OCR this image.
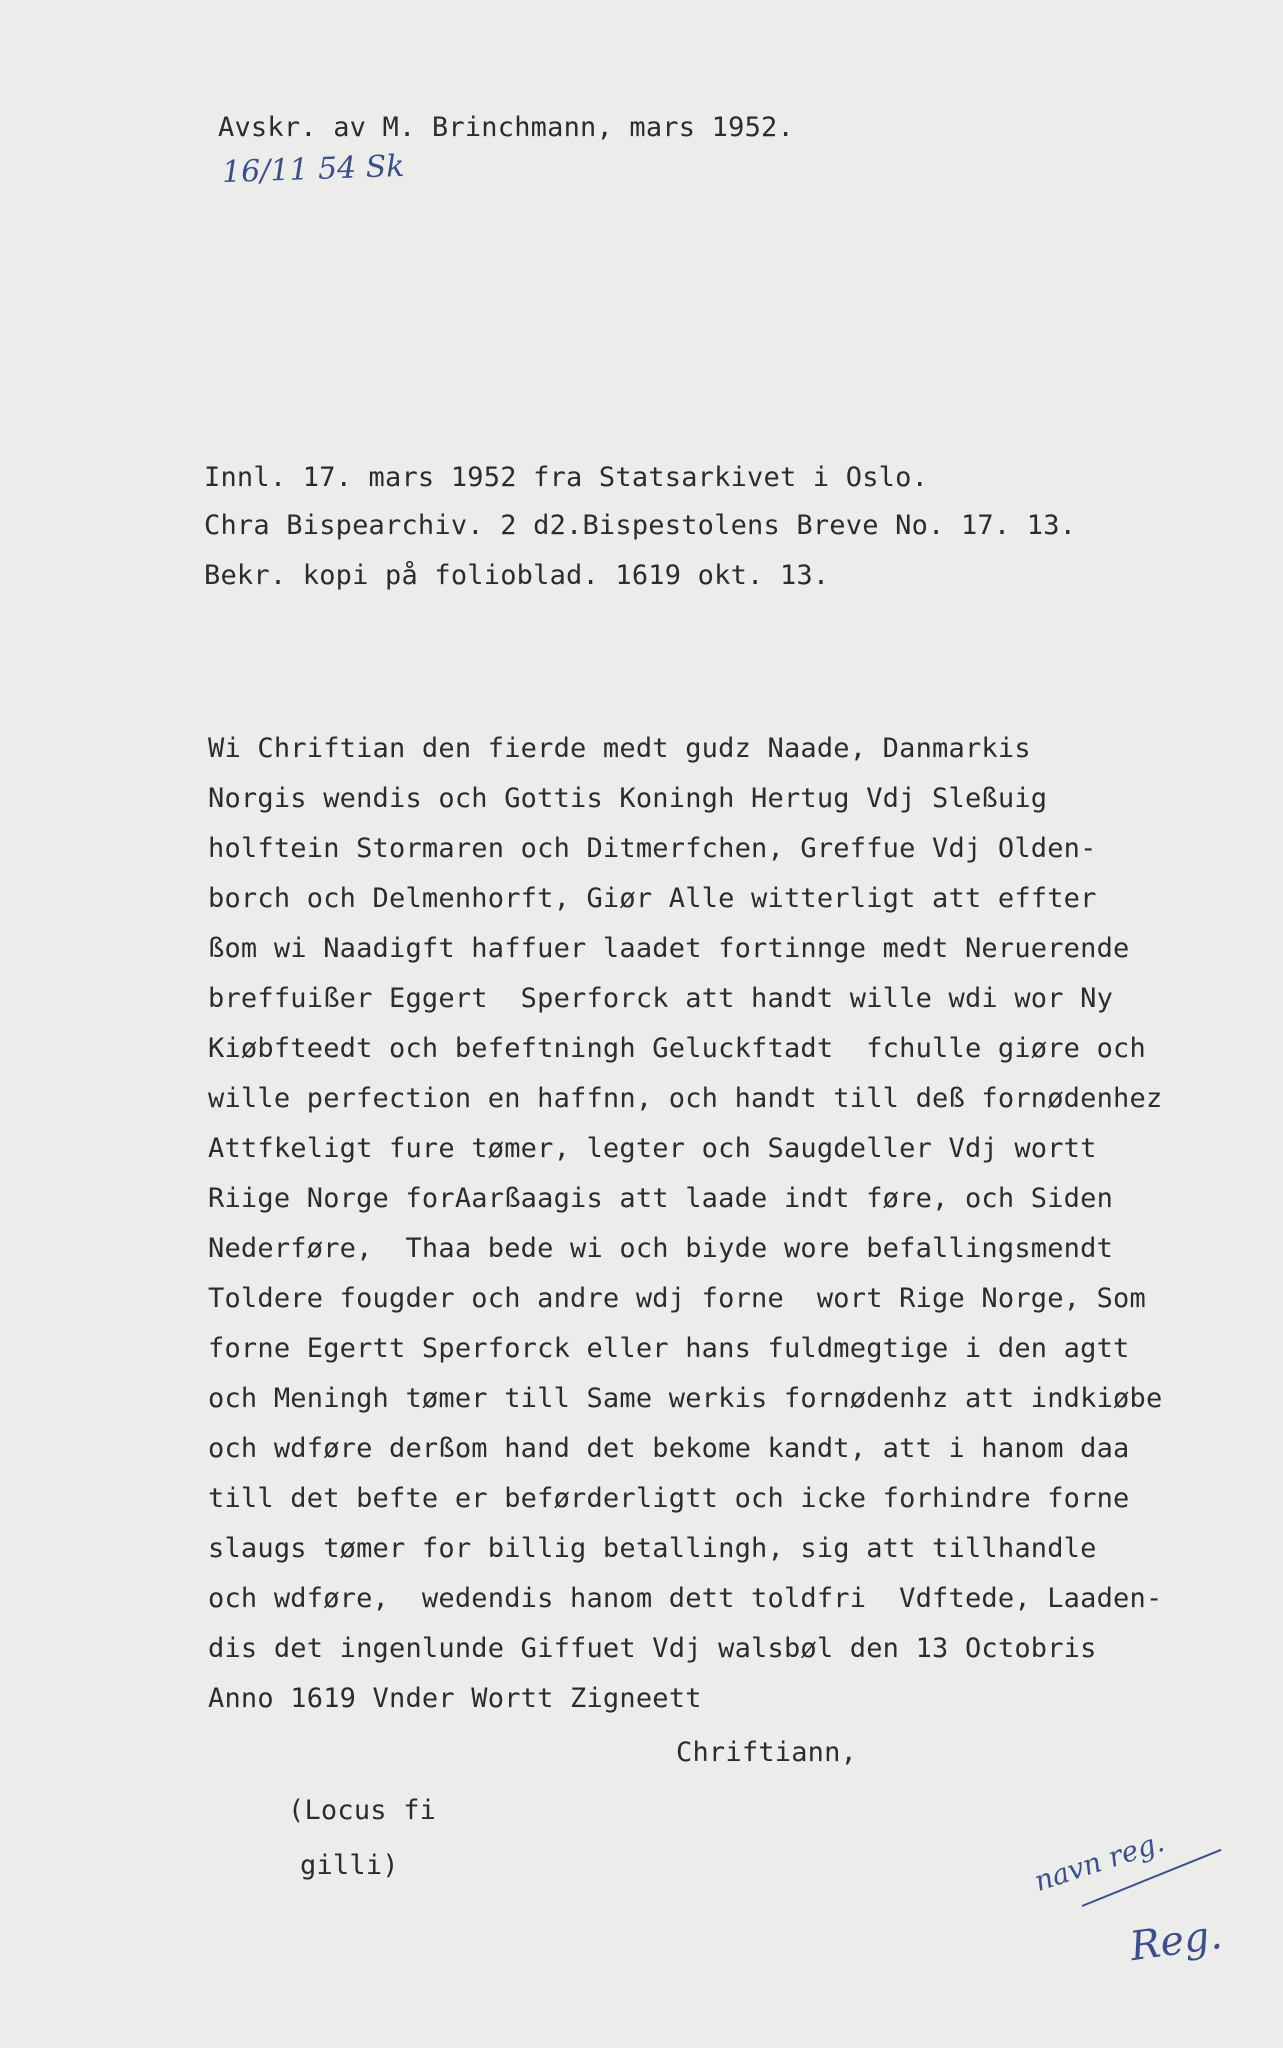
Avskr. av M. Brinchmann, mars 1952.
16/11 54 Sk
Innl. 17. mars 1952 fra Statsarkivet i Oslo.
Chra Bispearchiv. 2 d2.Bispestolens Breve No. 17. 13.
Bekr. kopi på folioblad. 1619 okt. 13.
Wi Chriftian den fierde medt gudz Naade, Danmarkis
Norgis wendis och Gottis Koningh Hertug Vdj Sleßuig
holftein Stormaren och Ditmerfchen, Greffue Vdj Olden-
borch och Delmenhorft, Giør Alle witterligt att effter
ßom wi Naadigft haffuer laadet fortinnge medt Neruerende
breffuißer Eggert  Sperforck att handt wille wdi wor Ny
Kiøbfteedt och befeftningh Geluckftadt  fchulle giøre och
wille perfection en haffnn, och handt till deß fornødenhez
Attfkeligt fure tømer, legter och Saugdeller Vdj wortt
Riige Norge forAarßaagis att laade indt føre, och Siden
Nederføre,  Thaa bede wi och biyde wore befallingsmendt
Toldere fougder och andre wdj forne  wort Rige Norge, Som
forne Egertt Sperforck eller hans fuldmegtige i den agtt
och Meningh tømer till Same werkis fornødenhz att indkiøbe
och wdføre derßom hand det bekome kandt, att i hanom daa
till det befte er beførderligtt och icke forhindre forne
slaugs tømer for billig betallingh, sig att tillhandle
och wdføre,  wedendis hanom dett toldfri  Vdftede, Laaden-
dis det ingenlunde Giffuet Vdj walsbøl den 13 Octobris
Anno 1619 Vnder Wortt Zigneett
Chriftiann,
(Locus fi
gilli)	navn reg.
Reg.
